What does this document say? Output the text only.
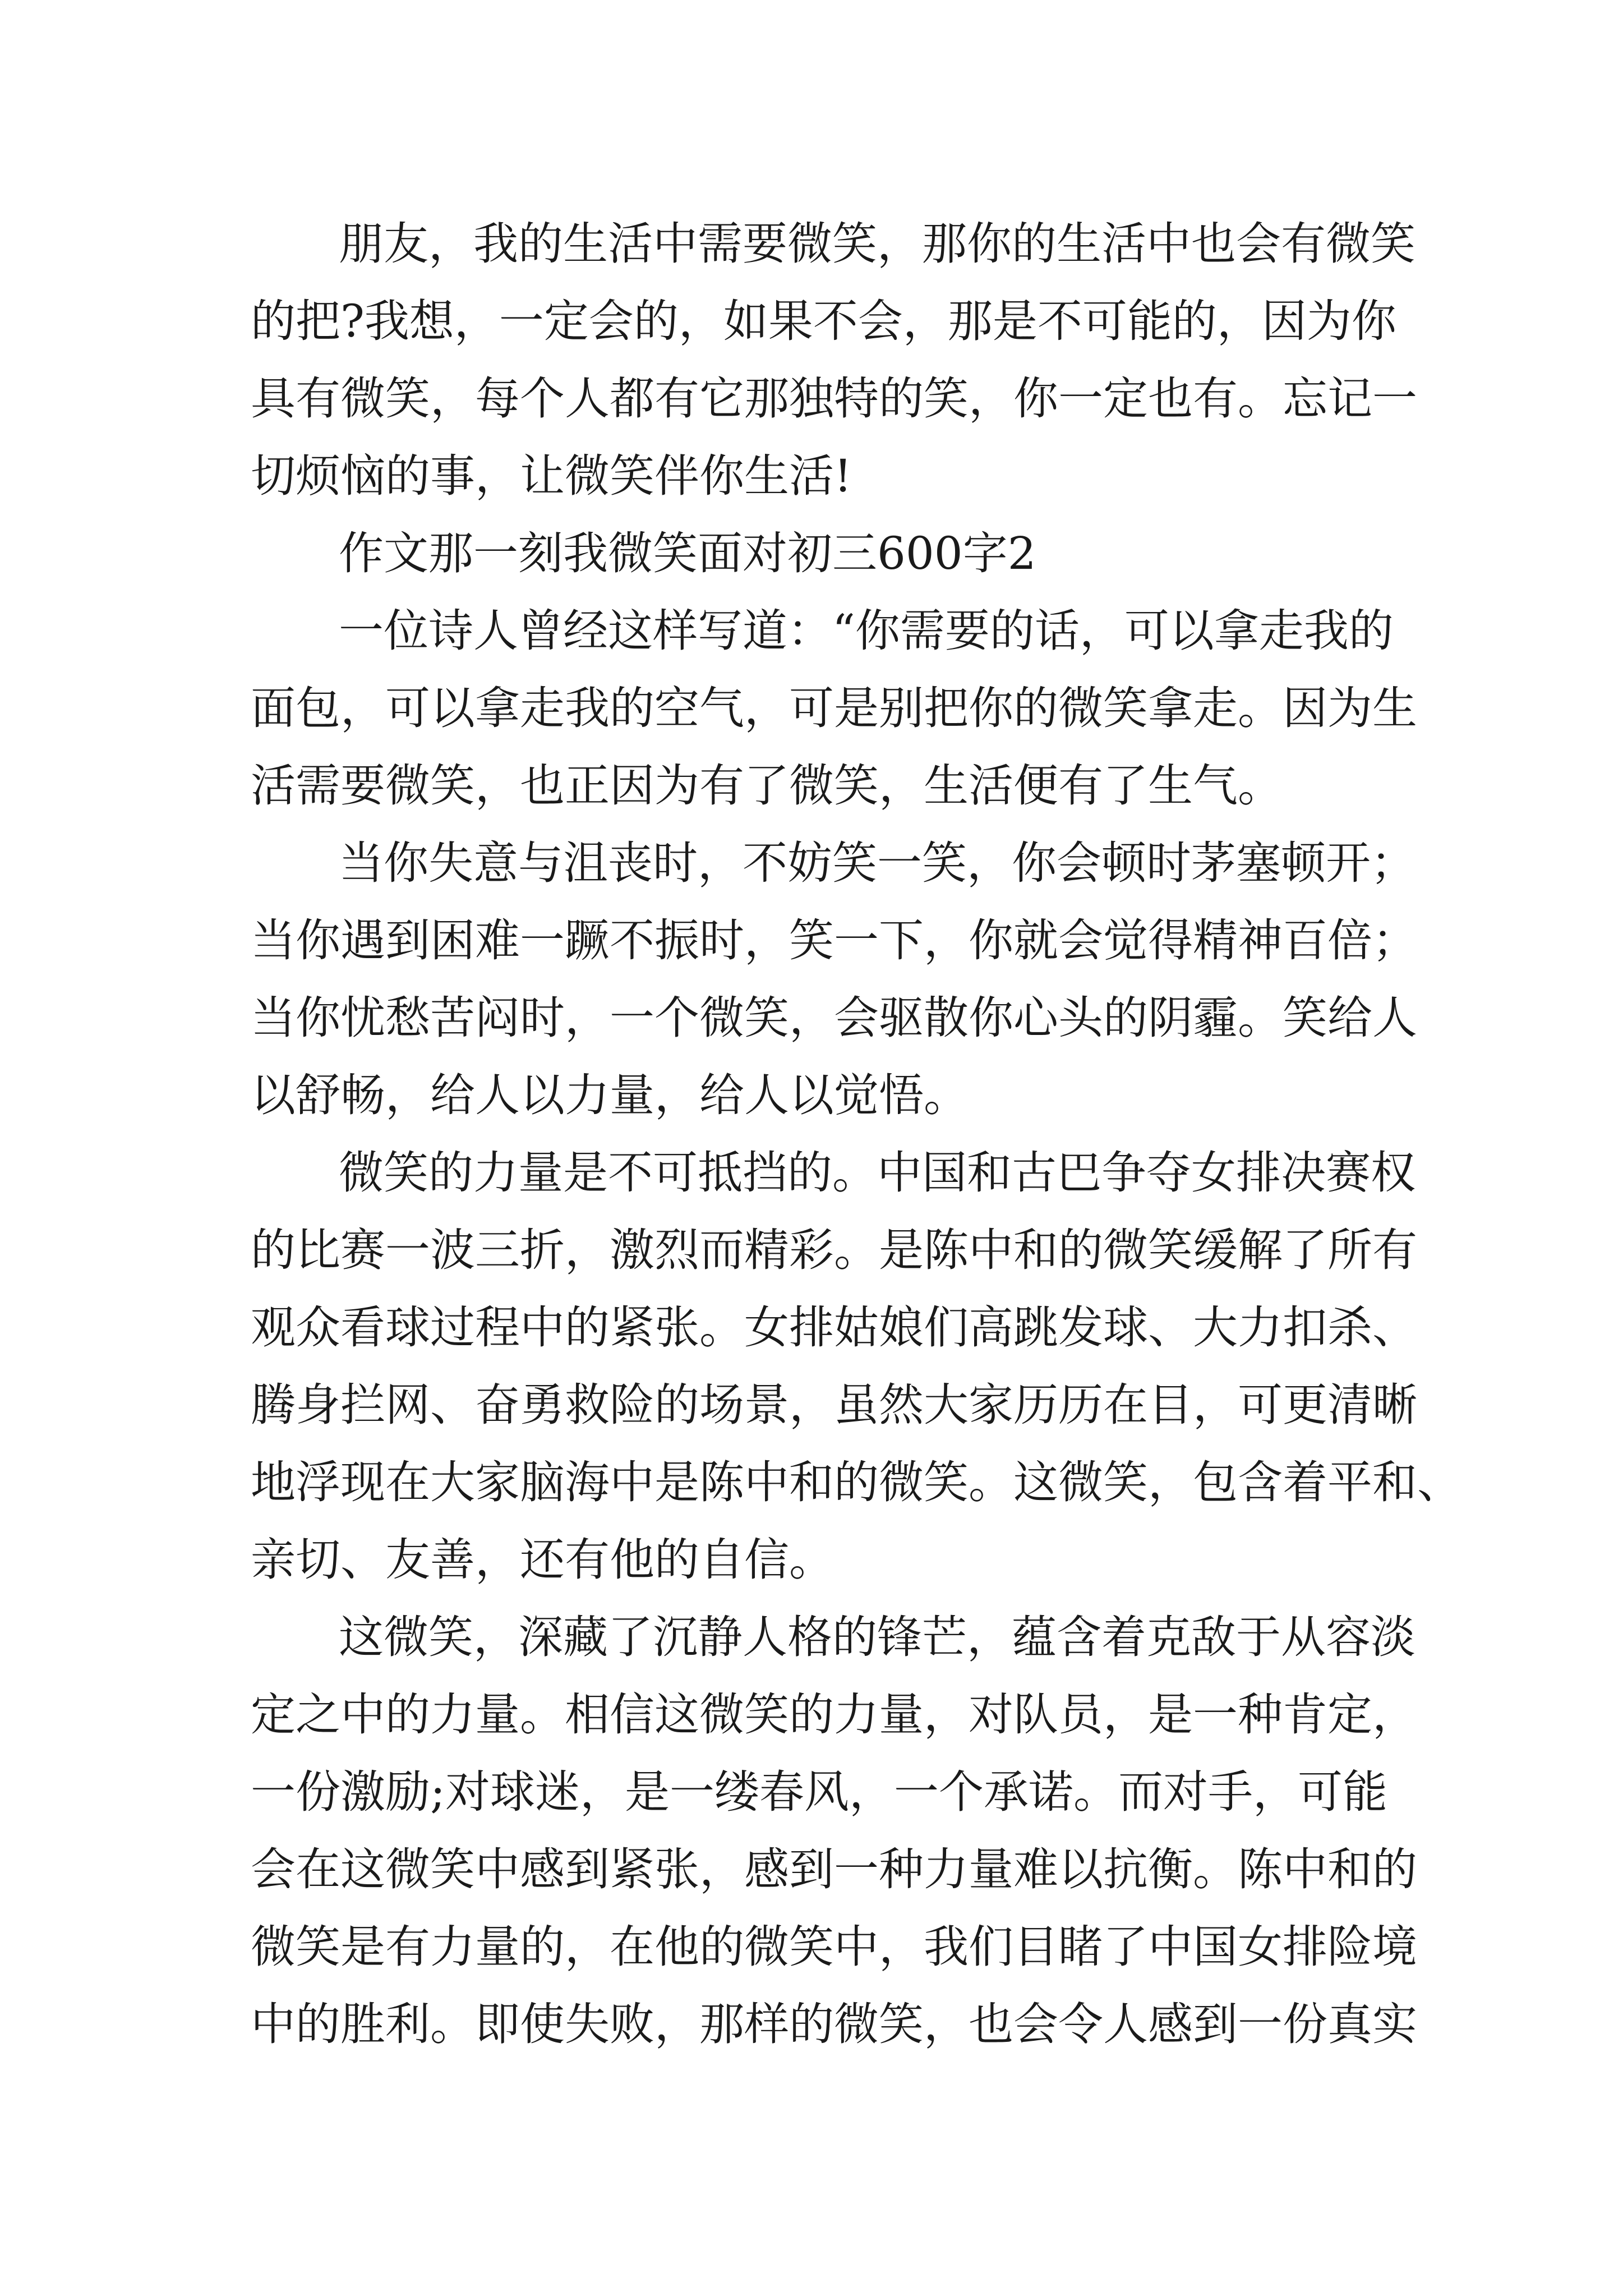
朋友，我的生活中需要微笑，那你的生活中也会有微笑
的把?我想，一定会的，如果不会，那是不可能的，因为你
具有微笑，每个人都有它那独特的笑，你一定也有。忘记一
切烦恼的事，让微笑伴你生活!
作文那一刻我微笑面对初三600字2
一位诗人曾经这样写道：“你需要的话，可以拿走我的
面包，可以拿走我的空气，可是别把你的微笑拿走。因为生
活需要微笑，也正因为有了微笑，生活便有了生气。
当你失意与沮丧时，不妨笑一笑，你会顿时茅塞顿开；
当你遇到困难一蹶不振时，笑一下，你就会觉得精神百倍；
当你忧愁苦闷时，一个微笑，会驱散你心头的阴霾。笑给人
以舒畅，给人以力量，给人以觉悟。
微笑的力量是不可抵挡的。中国和古巴争夺女排决赛权
的比赛一波三折，激烈而精彩。是陈中和的微笑缓解了所有
观众看球过程中的紧张。女排姑娘们高跳发球、大力扣杀、
腾身拦网、奋勇救险的场景，虽然大家历历在目，可更清晰
地浮现在大家脑海中是陈中和的微笑。这微笑，包含着平和、
亲切、友善，还有他的自信。
这微笑，深藏了沉静人格的锋芒，蕴含着克敌于从容淡
定之中的力量。相信这微笑的力量，对队员，是一种肯定，
一份激励;对球迷，是一缕春风，一个承诺。而对手，可能
会在这微笑中感到紧张，感到一种力量难以抗衡。陈中和的
微笑是有力量的，在他的微笑中，我们目睹了中国女排险境
中的胜利。即使失败，那样的微笑，也会令人感到一份真实
